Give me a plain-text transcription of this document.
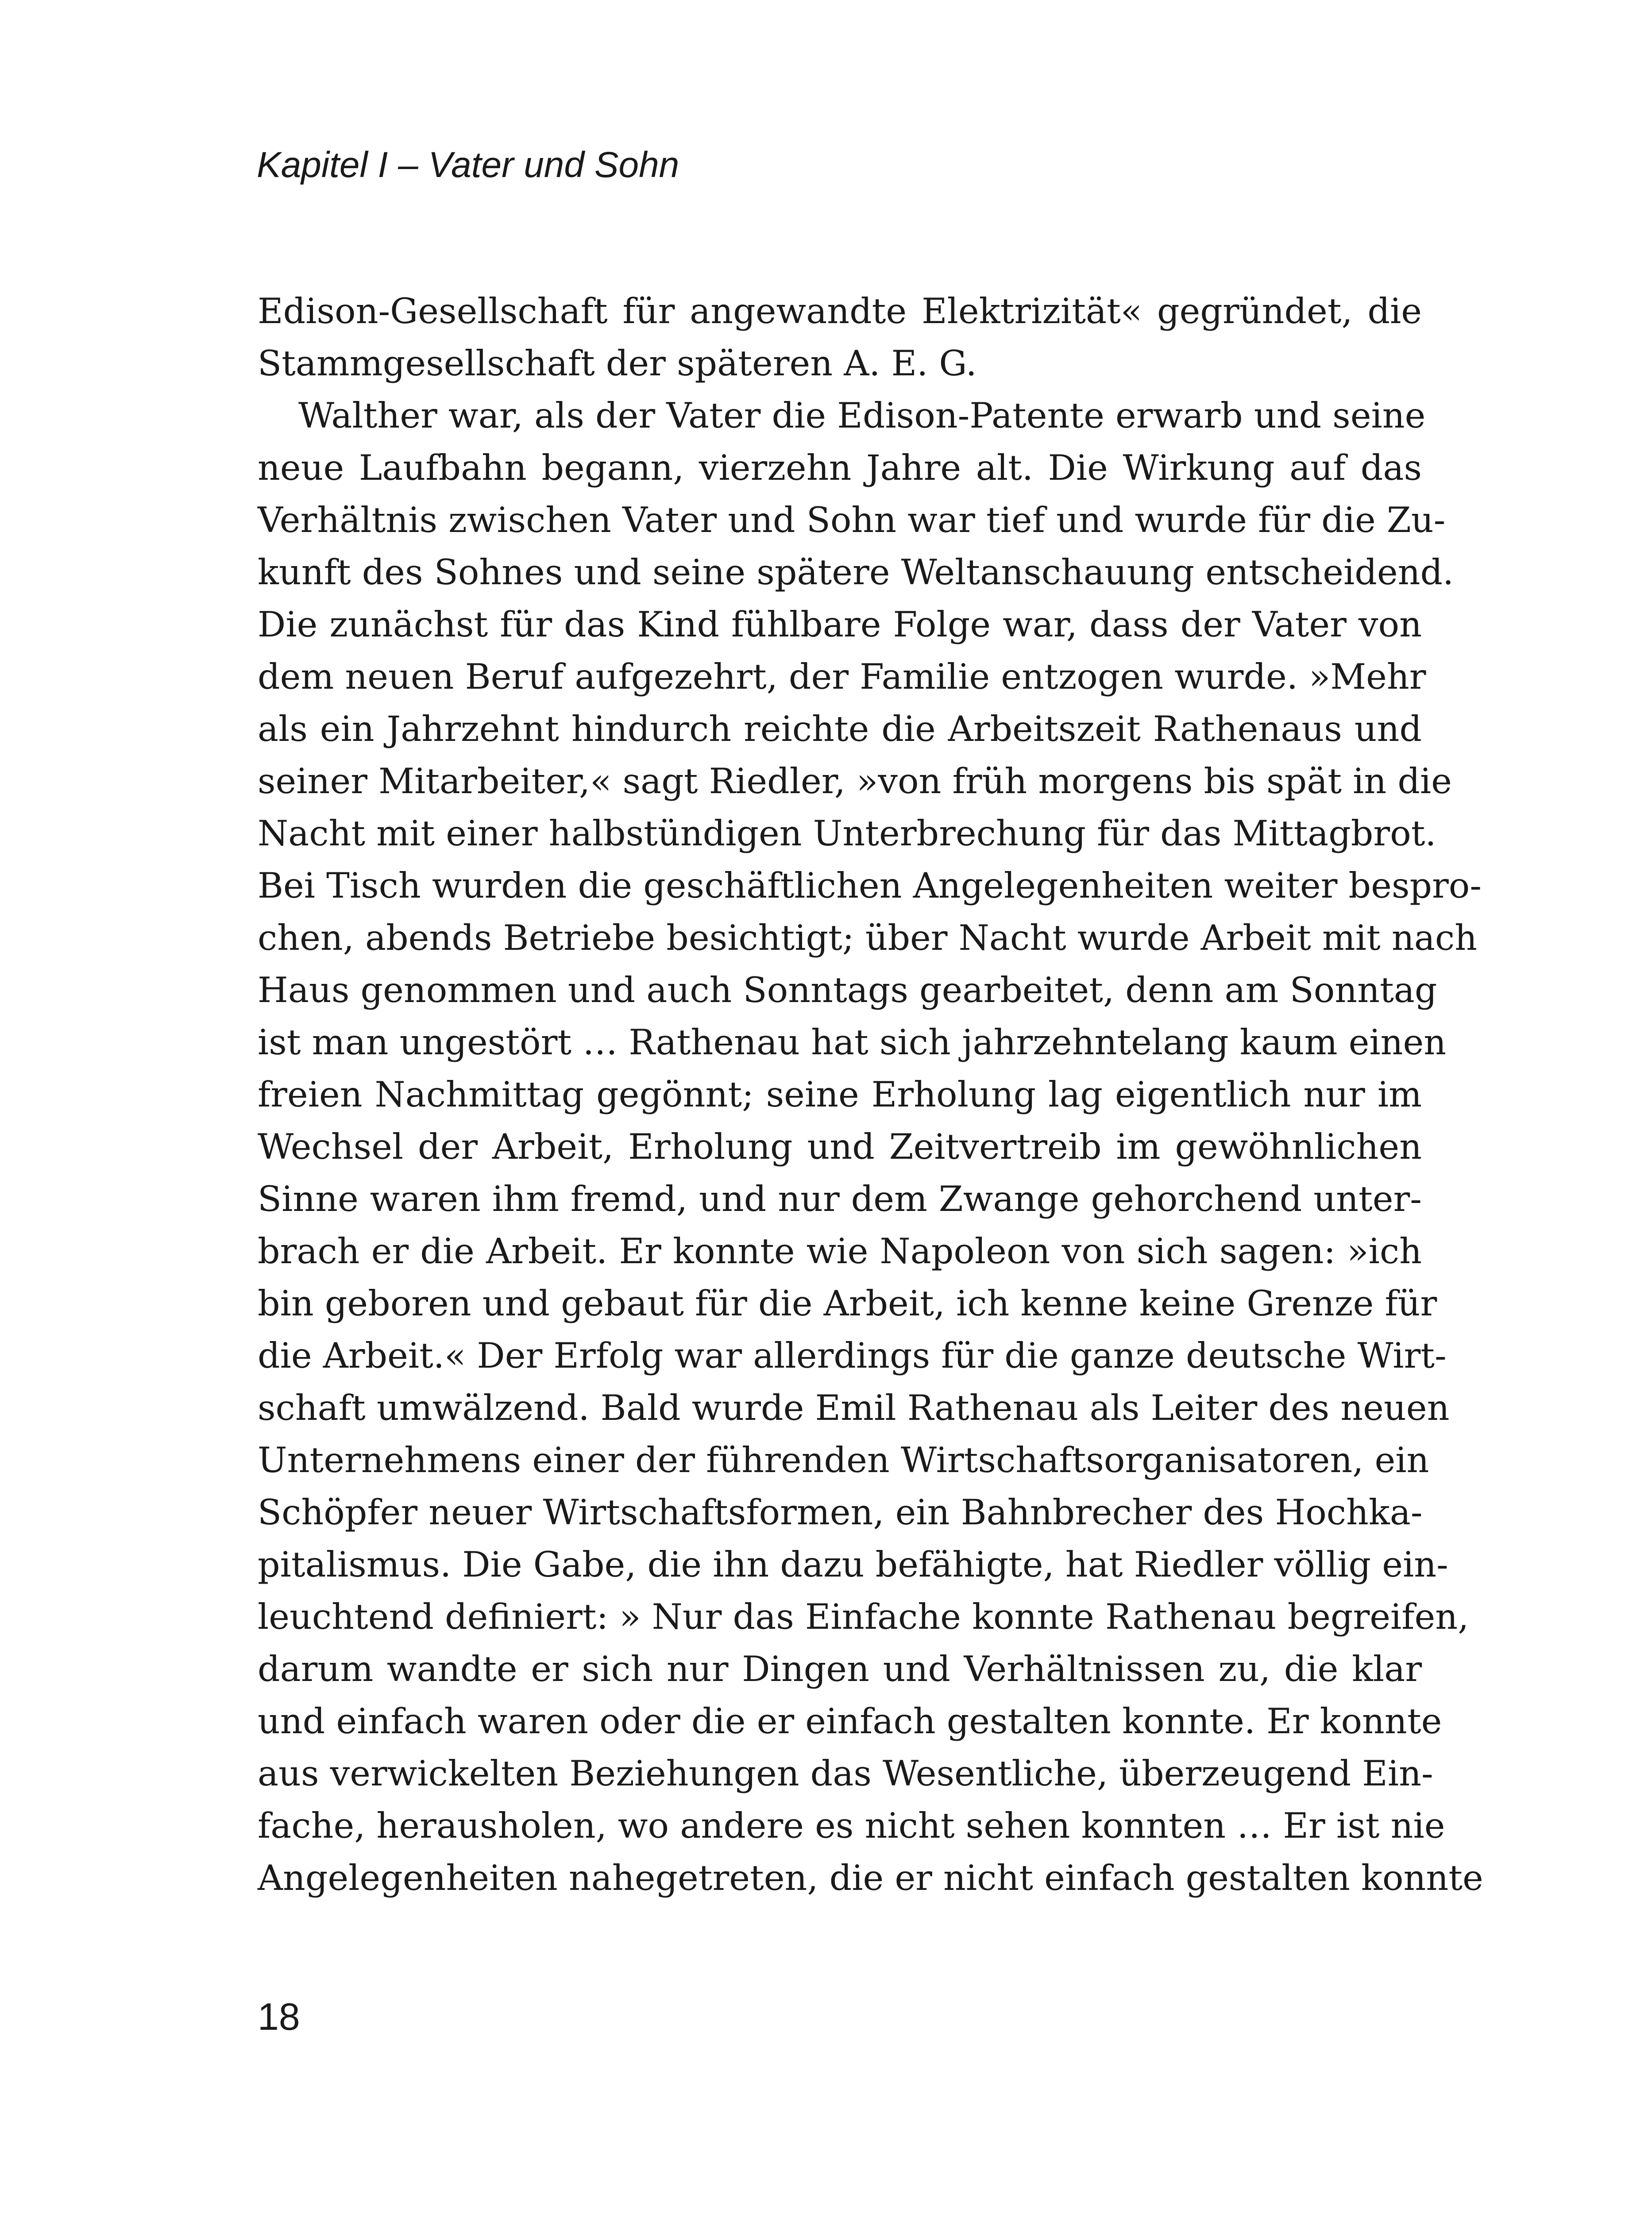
Kapitel I – Vater und Sohn
Edison-Gesellschaft für angewandte Elektrizität« gegründet, die
Stammgesellschaft der späteren A. E. G.
Walther war, als der Vater die Edison-Patente erwarb und seine
neue Laufbahn begann, vierzehn Jahre alt. Die Wirkung auf das
Verhältnis zwischen Vater und Sohn war tief und wurde für die Zu-
kunft des Sohnes und seine spätere Weltanschauung entscheidend.
Die zunächst für das Kind fühlbare Folge war, dass der Vater von
dem neuen Beruf aufgezehrt, der Familie entzogen wurde. »Mehr
als ein Jahrzehnt hindurch reichte die Arbeitszeit Rathenaus und
seiner Mitarbeiter,« sagt Riedler, »von früh morgens bis spät in die
Nacht mit einer halbstündigen Unterbrechung für das Mittagbrot.
Bei Tisch wurden die geschäftlichen Angelegenheiten weiter bespro-
chen, abends Betriebe besichtigt; über Nacht wurde Arbeit mit nach
Haus genommen und auch Sonntags gearbeitet, denn am Sonntag
ist man ungestört … Rathenau hat sich jahrzehntelang kaum einen
freien Nachmittag gegönnt; seine Erholung lag eigentlich nur im
Wechsel der Arbeit, Erholung und Zeitvertreib im gewöhnlichen
Sinne waren ihm fremd, und nur dem Zwange gehorchend unter-
brach er die Arbeit. Er konnte wie Napoleon von sich sagen: »ich
bin geboren und gebaut für die Arbeit, ich kenne keine Grenze für
die Arbeit.« Der Erfolg war allerdings für die ganze deutsche Wirt-
schaft umwälzend. Bald wurde Emil Rathenau als Leiter des neuen
Unternehmens einer der führenden Wirtschaftsorganisatoren, ein
Schöpfer neuer Wirtschaftsformen, ein Bahnbrecher des Hochka-
pitalismus. Die Gabe, die ihn dazu befähigte, hat Riedler völlig ein-
leuchtend definiert: » Nur das Einfache konnte Rathenau begreifen,
darum wandte er sich nur Dingen und Verhältnissen zu, die klar
und einfach waren oder die er einfach gestalten konnte. Er konnte
aus verwickelten Beziehungen das Wesentliche, überzeugend Ein-
fache, herausholen, wo andere es nicht sehen konnten … Er ist nie
Angelegenheiten nahegetreten, die er nicht einfach gestalten konnte
18
